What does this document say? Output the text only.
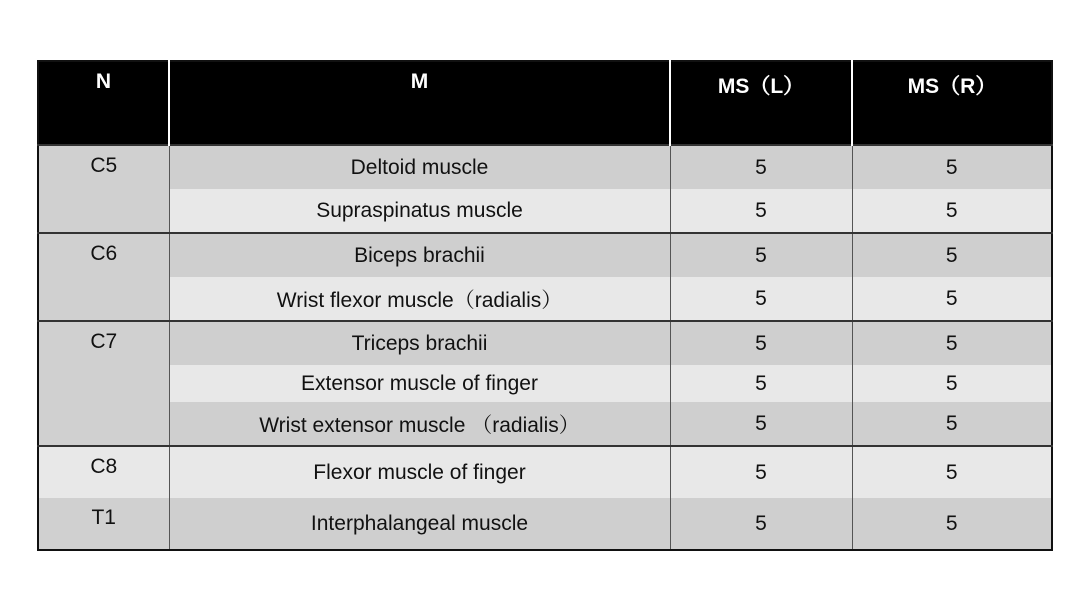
N	M	MS（L）	MS（R）
C5	Deltoid muscle	5	5
	Supraspinatus muscle	5	5
C6	Biceps brachii	5	5
	Wrist flexor muscle（radialis）	5	5
C7	Triceps brachii	5	5
	Extensor muscle of finger	5	5
	Wrist extensor muscle （radialis）	5	5
C8	Flexor muscle of finger	5	5
T1	Interphalangeal muscle	5	5
